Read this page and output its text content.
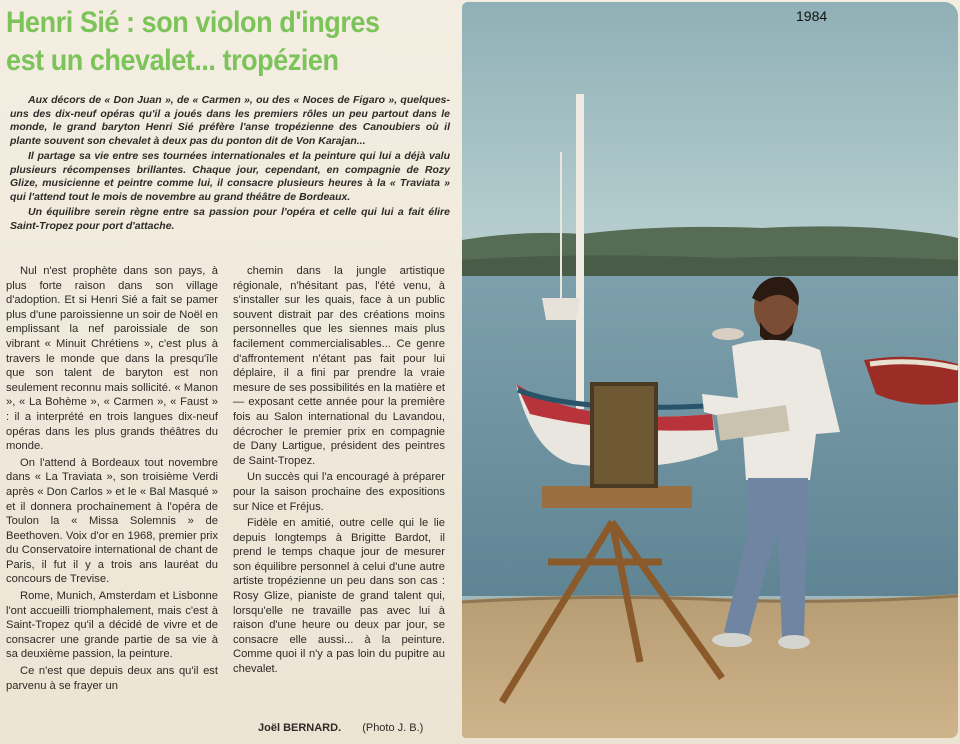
Henri Sié : son violon d'ingres
est un chevalet... tropézien

Aux décors de « Don Juan », de « Carmen », ou des « Noces de Figaro », quelques-uns des dix-neuf opéras qu'il a joués dans les premiers rôles un peu partout dans le monde, le grand baryton Henri Sié préfère l'anse tropézienne des Canoubiers où il plante souvent son chevalet à deux pas du ponton dit de Von Karajan...

Il partage sa vie entre ses tournées internationales et la peinture qui lui a déjà valu plusieurs récompenses brillantes. Chaque jour, cependant, en compagnie de Rozy Glize, musicienne et peintre comme lui, il consacre plusieurs heures à la « Traviata » qui l'attend tout le mois de novembre au grand théâtre de Bordeaux.

Un équilibre serein règne entre sa passion pour l'opéra et celle qui lui a fait élire Saint-Tropez pour port d'attache.

Nul n'est prophète dans son pays, à plus forte raison dans son village d'adoption. Et si Henri Sié a fait se pamer plus d'une paroissienne un soir de Noël en emplissant la nef paroissiale de son vibrant « Minuit Chrétiens », c'est plus à travers le monde que dans la presqu'île que son talent de baryton est non seulement reconnu mais sollicité. « Manon », « La Bohème », « Carmen », « Faust » : il a interprété en trois langues dix-neuf opéras dans les plus grands théâtres du monde.

On l'attend à Bordeaux tout novembre dans « La Traviata », son troisième Verdi après « Don Carlos » et le « Bal Masqué » et il donnera prochainement à l'opéra de Toulon la « Missa Solemnis » de Beethoven. Voix d'or en 1968, premier prix du Conservatoire international de chant de Paris, il fut il y a trois ans lauréat du concours de Trevise.

Rome, Munich, Amsterdam et Lisbonne l'ont accueilli triomphalement, mais c'est à Saint-Tropez qu'il a décidé de vivre et de consacrer une grande partie de sa vie à sa deuxième passion, la peinture.

Ce n'est que depuis deux ans qu'il est parvenu à se frayer un

chemin dans la jungle artistique régionale, n'hésitant pas, l'été venu, à s'installer sur les quais, face à un public souvent distrait par des créations moins personnelles que les siennes mais plus facilement commercialisables... Ce genre d'affrontement n'étant pas fait pour lui déplaire, il a fini par prendre la vraie mesure de ses possibilités en la matière et — exposant cette année pour la première fois au Salon international du Lavandou, décrocher le premier prix en compagnie de Dany Lartigue, président des peintres de Saint-Tropez.

Un succès qui l'a encouragé à préparer pour la saison prochaine des expositions sur Nice et Fréjus.

Fidèle en amitié, outre celle qui le lie depuis longtemps à Brigitte Bardot, il prend le temps chaque jour de mesurer son équilibre personnel à celui d'une autre artiste tropézienne un peu dans son cas : Rosy Glize, pianiste de grand talent qui, lorsqu'elle ne travaille pas avec lui à raison d'une heure ou deux par jour, se consacre elle aussi... à la peinture. Comme quoi il n'y a pas loin du pupitre au chevalet.

Joël BERNARD. (Photo J. B.)
1984
